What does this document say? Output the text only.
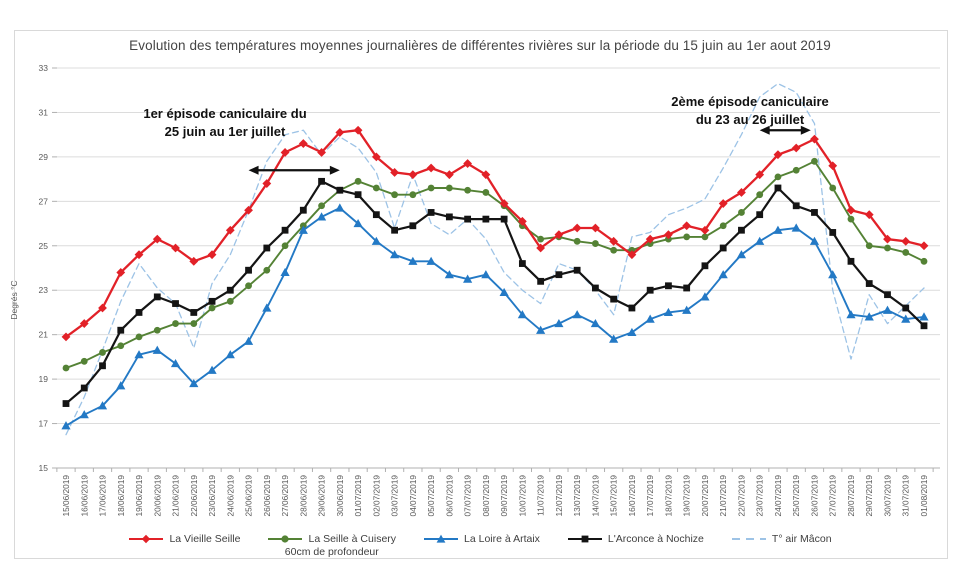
Evolution des températures moyennes journalières de différentes rivières sur la période du 15 juin au 1er aout 2019
15
17
19
21
23
25
27
29
31
33
15/06/2019 16/06/2019 17/06/2019 18/06/2019 19/06/2019 20/06/2019 21/06/2019 22/06/2019 23/06/2019 24/06/2019 25/06/2019 26/06/2019 27/06/2019 28/06/2019 29/06/2019 30/06/2019 01/07/2019 02/07/2019 03/07/2019 04/07/2019 05/07/2019 06/07/2019 07/07/2019 08/07/2019 09/07/2019 10/07/2019 11/07/2019 12/07/2019 13/07/2019 14/07/2019 15/07/2019 16/07/2019 17/07/2019 18/07/2019 19/07/2019 20/07/2019 21/07/2019 22/07/2019 23/07/2019 24/07/2019 25/07/2019 26/07/2019 27/07/2019 28/07/2019 29/07/2019 30/07/2019 31/07/2019 01/08/2019
Degrés °C
1er épisode caniculaire du
25 juin au 1er juillet
2ème épisode caniculaire
du 23 au 26 juillet
La Vieille Seille	La Seille à Cuisery
60cm de profondeur
La Loire à Artaix	L'Arconce à Nochize	T° air Mâcon
